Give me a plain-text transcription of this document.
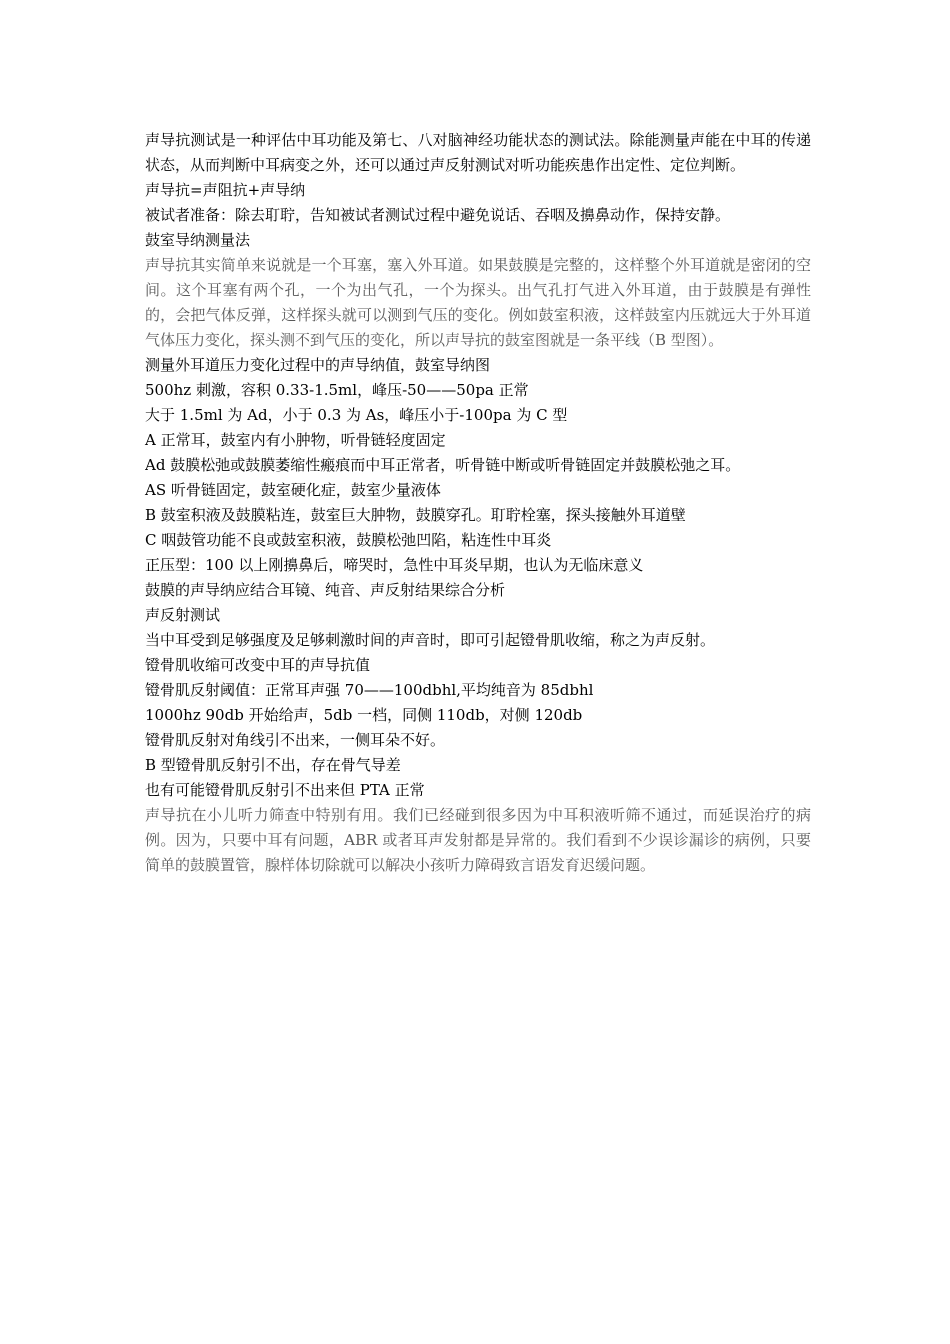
声导抗测试是一种评估中耳功能及第七、八对脑神经功能状态的测试法。除能测量声能在中耳的传递状态，从而判断中耳病变之外，还可以通过声反射测试对听功能疾患作出定性、定位判断。

声导抗=声阻抗+声导纳

被试者准备：除去耵聍，告知被试者测试过程中避免说话、吞咽及擤鼻动作，保持安静。

鼓室导纳测量法

声导抗其实简单来说就是一个耳塞，塞入外耳道。如果鼓膜是完整的，这样整个外耳道就是密闭的空间。这个耳塞有两个孔，一个为出气孔，一个为探头。出气孔打气进入外耳道，由于鼓膜是有弹性的，会把气体反弹，这样探头就可以测到气压的变化。例如鼓室积液，这样鼓室内压就远大于外耳道气体压力变化，探头测不到气压的变化，所以声导抗的鼓室图就是一条平线（B 型图）。

测量外耳道压力变化过程中的声导纳值，鼓室导纳图

500hz 刺激，容积 0.33-1.5ml，峰压-50——50pa 正常

大于 1.5ml 为 Ad，小于 0.3 为 As，峰压小于-100pa 为 C 型

A 正常耳，鼓室内有小肿物，听骨链轻度固定

Ad 鼓膜松弛或鼓膜萎缩性瘢痕而中耳正常者，听骨链中断或听骨链固定并鼓膜松弛之耳。

AS 听骨链固定，鼓室硬化症，鼓室少量液体

B 鼓室积液及鼓膜粘连，鼓室巨大肿物，鼓膜穿孔。耵聍栓塞，探头接触外耳道壁

C 咽鼓管功能不良或鼓室积液，鼓膜松弛凹陷，粘连性中耳炎

正压型：100 以上刚擤鼻后，啼哭时，急性中耳炎早期，也认为无临床意义

鼓膜的声导纳应结合耳镜、纯音、声反射结果综合分析

声反射测试

当中耳受到足够强度及足够刺激时间的声音时，即可引起镫骨肌收缩，称之为声反射。

镫骨肌收缩可改变中耳的声导抗值

镫骨肌反射阈值：正常耳声强 70——100dbhl,平均纯音为 85dbhl

1000hz 90db 开始给声，5db 一档，同侧 110db，对侧 120db

镫骨肌反射对角线引不出来，一侧耳朵不好。

B 型镫骨肌反射引不出，存在骨气导差

也有可能镫骨肌反射引不出来但 PTA 正常

声导抗在小儿听力筛查中特别有用。我们已经碰到很多因为中耳积液听筛不通过，而延误治疗的病例。因为，只要中耳有问题，ABR 或者耳声发射都是异常的。我们看到不少误诊漏诊的病例，只要简单的鼓膜置管，腺样体切除就可以解决小孩听力障碍致言语发育迟缓问题。
